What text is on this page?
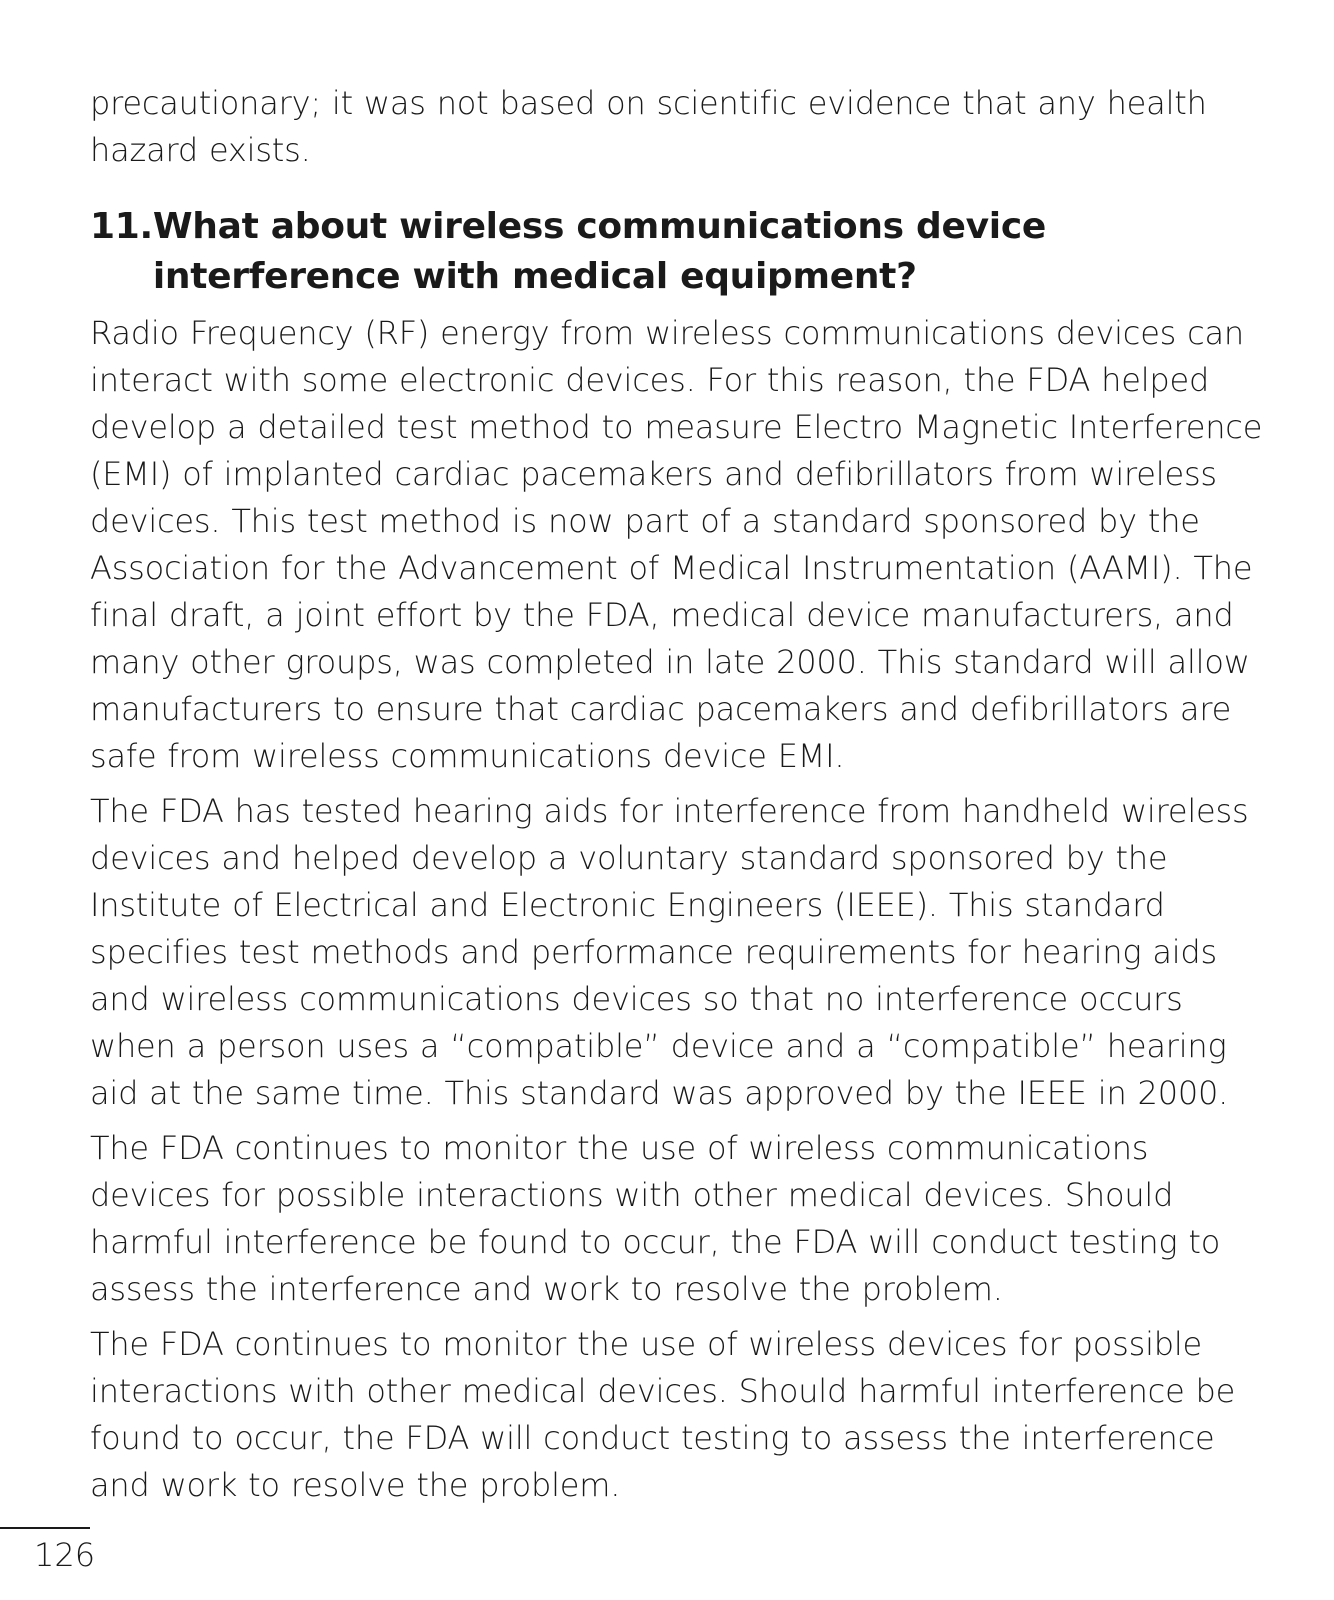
precautionary; it was not based on scientific evidence that any health hazard exists.

11. What about wireless communications device interference with medical equipment?

Radio Frequency (RF) energy from wireless communications devices can interact with some electronic devices. For this reason, the FDA helped develop a detailed test method to measure Electro Magnetic Interference (EMI) of implanted cardiac pacemakers and defibrillators from wireless devices. This test method is now part of a standard sponsored by the Association for the Advancement of Medical Instrumentation (AAMI). The final draft, a joint effort by the FDA, medical device manufacturers, and many other groups, was completed in late 2000. This standard will allow manufacturers to ensure that cardiac pacemakers and defibrillators are safe from wireless communications device EMI.

The FDA has tested hearing aids for interference from handheld wireless devices and helped develop a voluntary standard sponsored by the Institute of Electrical and Electronic Engineers (IEEE). This standard specifies test methods and performance requirements for hearing aids and wireless communications devices so that no interference occurs when a person uses a “compatible” device and a “compatible” hearing aid at the same time. This standard was approved by the IEEE in 2000.

The FDA continues to monitor the use of wireless communications devices for possible interactions with other medical devices. Should harmful interference be found to occur, the FDA will conduct testing to assess the interference and work to resolve the problem.

The FDA continues to monitor the use of wireless devices for possible interactions with other medical devices. Should harmful interference be found to occur, the FDA will conduct testing to assess the interference and work to resolve the problem.

126
